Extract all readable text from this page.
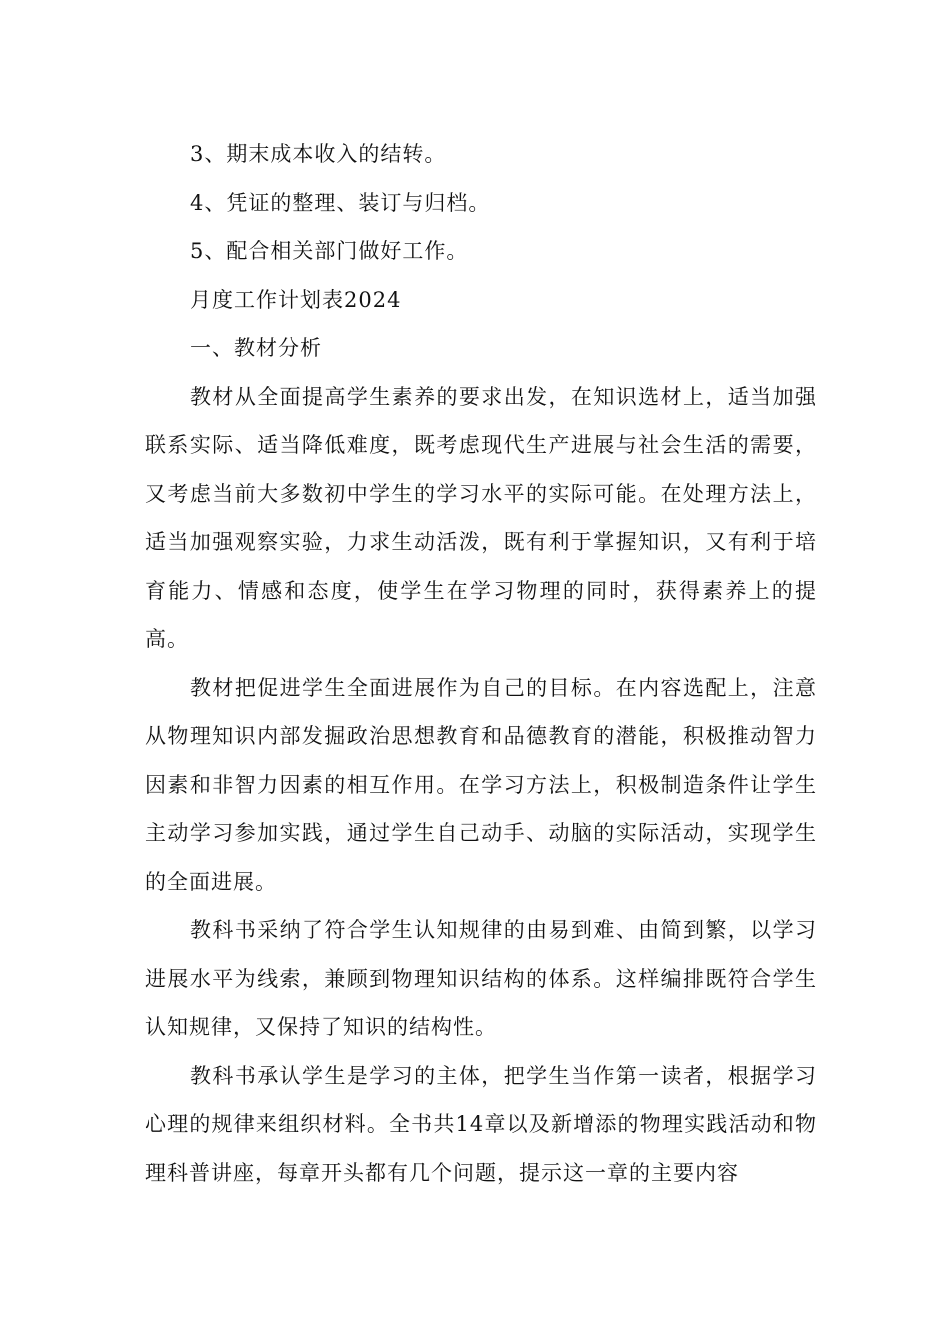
3、期末成本收入的结转。

4、凭证的整理、装订与归档。

5、配合相关部门做好工作。

月度工作计划表2024

一、教材分析

教材从全面提高学生素养的要求出发，在知识选材上，适当加强联系实际、适当降低难度，既考虑现代生产进展与社会生活的需要，又考虑当前大多数初中学生的学习水平的实际可能。在处理方法上，适当加强观察实验，力求生动活泼，既有利于掌握知识，又有利于培育能力、情感和态度，使学生在学习物理的同时，获得素养上的提高。

教材把促进学生全面进展作为自己的目标。在内容选配上，注意从物理知识内部发掘政治思想教育和品德教育的潜能，积极推动智力因素和非智力因素的相互作用。在学习方法上，积极制造条件让学生主动学习参加实践，通过学生自己动手、动脑的实际活动，实现学生的全面进展。

教科书采纳了符合学生认知规律的由易到难、由简到繁，以学习进展水平为线索，兼顾到物理知识结构的体系。这样编排既符合学生认知规律，又保持了知识的结构性。

教科书承认学生是学习的主体，把学生当作第一读者，根据学习心理的规律来组织材料。全书共14章以及新增添的物理实践活动和物理科普讲座，每章开头都有几个问题，提示这一章的主要内容
